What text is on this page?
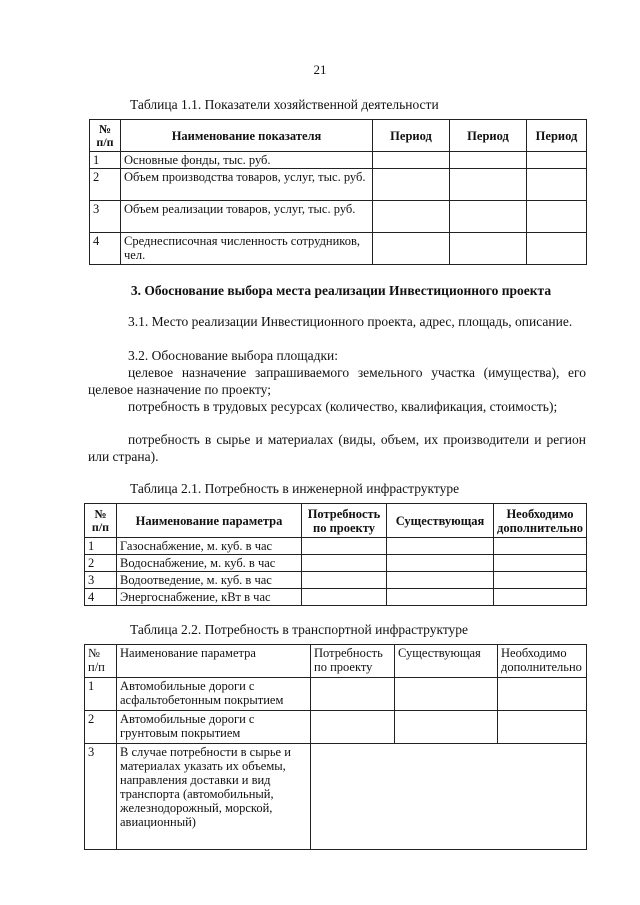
21
Таблица 1.1. Показатели хозяйственной деятельности
№ п/п	Наименование показателя	Период	Период	Период
1	Основные фонды, тыс. руб.			
2	Объем производства товаров, услуг, тыс. руб.			
3	Объем реализации товаров, услуг, тыс. руб.			
4	Среднесписочная численность сотрудников, чел.			
3. Обоснование выбора места реализации Инвестиционного проекта
3.1. Место реализации Инвестиционного проекта, адрес, площадь, описание.
3.2. Обоснование выбора площадки:
целевое назначение запрашиваемого земельного участка (имущества), его целевое назначение по проекту;
потребность в трудовых ресурсах (количество, квалификация, стоимость);
потребность в сырье и материалах (виды, объем, их производители и регион или страна).
Таблица 2.1. Потребность в инженерной инфраструктуре
№ п/п	Наименование параметра	Потребность по проекту	Существующая	Необходимо дополнительно
1	Газоснабжение, м. куб. в час			
2	Водоснабжение, м. куб. в час			
3	Водоотведение, м. куб. в час			
4	Энергоснабжение, кВт в час			
Таблица 2.2. Потребность в транспортной инфраструктуре
№ п/п	Наименование параметра	Потребность по проекту	Существующая	Необходимо дополнительно
1	Автомобильные дороги с асфальтобетонным покрытием			
2	Автомобильные дороги с грунтовым покрытием			
3	В случае потребности в сырье и материалах указать их объемы, направления доставки и вид транспорта (автомобильный, железнодорожный, морской, авиационный)			
